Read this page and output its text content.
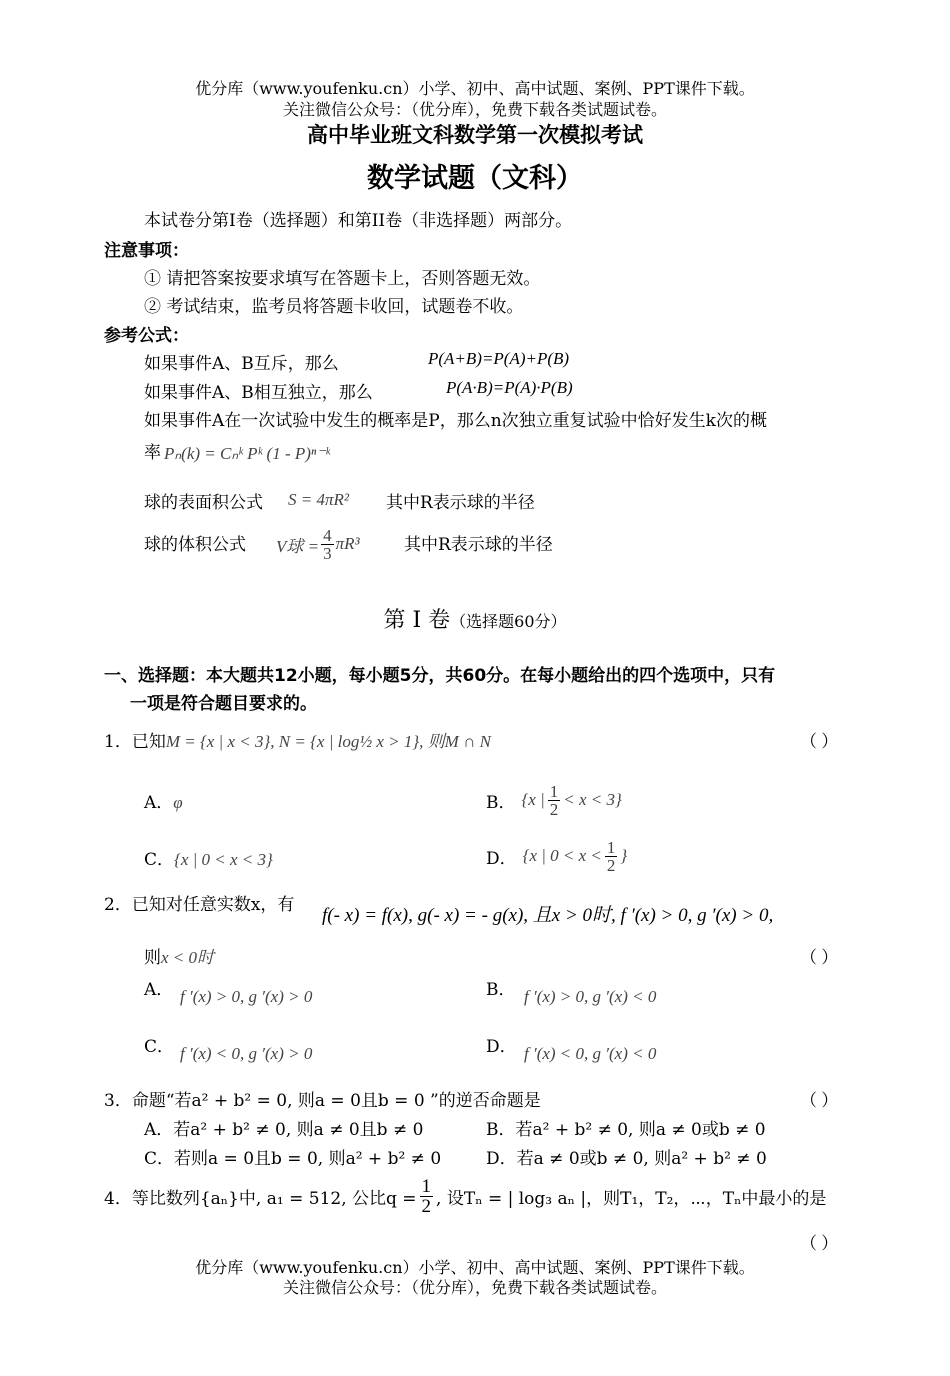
优分库（www.youfenku.cn）小学、初中、高中试题、案例、PPT课件下载。
关注微信公众号：（优分库），免费下载各类试题试卷。
高中毕业班文科数学第一次模拟考试
数学试题（文科）
本试卷分第I卷（选择题）和第II卷（非选择题）两部分。
注意事项：
① 请把答案按要求填写在答题卡上，否则答题无效。
② 考试结束，监考员将答题卡收回，试题卷不收。
参考公式：
如果事件A、B互斥，那么	P(A+B)=P(A)+P(B)
如果事件A、B相互独立，那么	P(A·B)=P(A)·P(B)
如果事件A在一次试验中发生的概率是P，那么n次独立重复试验中恰好发生k次的概
率 Pₙ(k) = Cₙᵏ Pᵏ (1 - P)ⁿ⁻ᵏ
球的表面积公式 S = 4πR² 其中R表示球的半径
球的体积公式 V球 = $\frac{4}{3} \pi R^3$	其中R表示球的半径
第 I 卷（选择题60分）
一、选择题：本大题共12小题，每小题5分，共60分。在每小题给出的四个选项中，只有
一项是符合题目要求的。
1．已知M = {x | x < 3}, N = {x | log½ x > 1}, 则M ∩ N	（ ）
A．φ	B． {x | $\frac{1}{2} < x < 3$}
C．{x | 0 < x < 3}	D． {x | $0 < x < \frac{1}{2}$ }
2．已知对任意实数x，有 f(- x) = f(x), g(- x) = - g(x), 且x > 0时, f ′(x) > 0, g ′(x) > 0,
则x < 0时	（ ）
A． f ′(x) > 0, g ′(x) > 0	B． f ′(x) > 0, g ′(x) < 0
C． f ′(x) < 0, g ′(x) > 0	D． f ′(x) < 0, g ′(x) < 0
3．命题“若a² + b² = 0, 则a = 0且b = 0 ”的逆否命题是	（ ）
A．若a² + b² ≠ 0, 则a ≠ 0且b ≠ 0	B．若a² + b² ≠ 0, 则a ≠ 0或b ≠ 0
C．若则a = 0且b = 0, 则a² + b² ≠ 0	D．若a ≠ 0或b ≠ 0, 则a² + b² ≠ 0
4．等比数列{aₙ}中, a₁ = 512, 公比$q = \frac{1}{2}$ , 设Tₙ = | log₃ aₙ |，则T₁，T₂，⋯，Tₙ中最小的是
（ ）
优分库（www.youfenku.cn）小学、初中、高中试题、案例、PPT课件下载。
关注微信公众号：（优分库），免费下载各类试题试卷。
